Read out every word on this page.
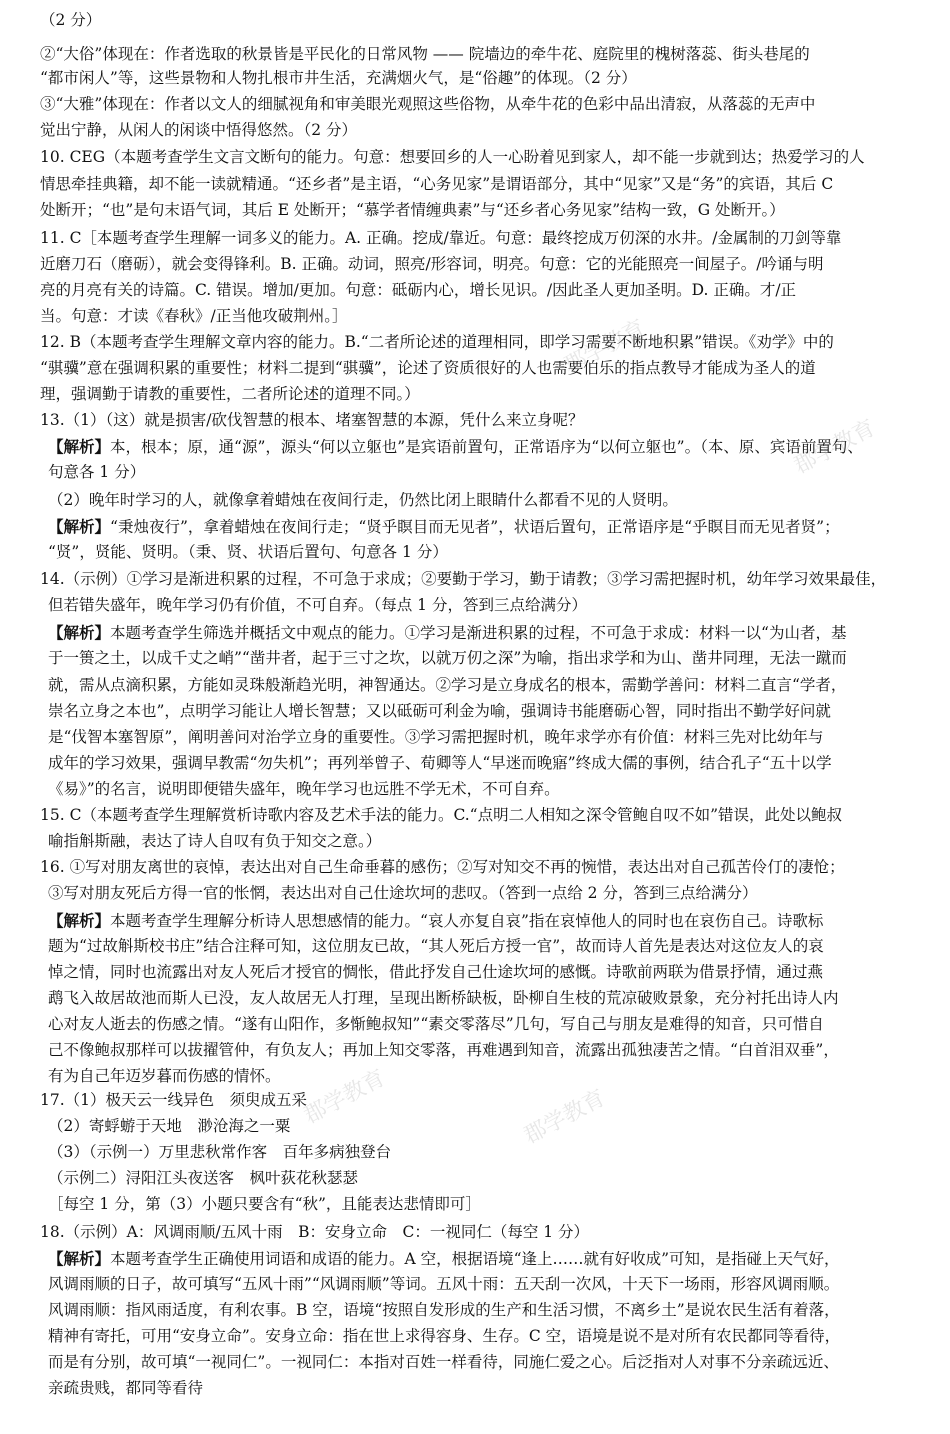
（2 分）
②“大俗”体现在：作者选取的秋景皆是平民化的日常风物 —— 院墙边的牵牛花、庭院里的槐树落蕊、街头巷尾的
“都市闲人”等，这些景物和人物扎根市井生活，充满烟火气，是“俗趣”的体现。（2 分）
③“大雅”体现在：作者以文人的细腻视角和审美眼光观照这些俗物，从牵牛花的色彩中品出清寂，从落蕊的无声中
觉出宁静，从闲人的闲谈中悟得悠然。（2 分）
10. CEG（本题考查学生文言文断句的能力。句意：想要回乡的人一心盼着见到家人，却不能一步就到达；热爱学习的人
情思牵挂典籍，却不能一读就精通。“还乡者”是主语，“心务见家”是谓语部分，其中“见家”又是“务”的宾语，其后 C
处断开；“也”是句末语气词，其后 E 处断开；“慕学者情缠典素”与“还乡者心务见家”结构一致，G 处断开。）
11. C［本题考查学生理解一词多义的能力。A. 正确。挖成/靠近。句意：最终挖成万仞深的水井。/金属制的刀剑等靠
近磨刀石（磨砺），就会变得锋利。B. 正确。动词，照亮/形容词，明亮。句意：它的光能照亮一间屋子。/吟诵与明
亮的月亮有关的诗篇。C. 错误。增加/更加。句意：砥砺内心，增长见识。/因此圣人更加圣明。D. 正确。才/正
当。句意：才读《春秋》/正当他攻破荆州。］
12. B（本题考查学生理解文章内容的能力。B.“二者所论述的道理相同，即学习需要不断地积累”错误。《劝学》中的
“骐骥”意在强调积累的重要性；材料二提到“骐骥”，论述了资质很好的人也需要伯乐的指点教导才能成为圣人的道
理，强调勤于请教的重要性，二者所论述的道理不同。）
13.（1）（这）就是损害/砍伐智慧的根本、堵塞智慧的本源，凭什么来立身呢？
【解析】本，根本；原，通“源”，源头“何以立躯也”是宾语前置句，正常语序为“以何立躯也”。（本、原、宾语前置句、
句意各 1 分）
（2）晚年时学习的人，就像拿着蜡烛在夜间行走，仍然比闭上眼睛什么都看不见的人贤明。
【解析】“秉烛夜行”，拿着蜡烛在夜间行走；“贤乎瞑目而无见者”，状语后置句，正常语序是“乎瞑目而无见者贤”；
“贤”，贤能、贤明。（秉、贤、状语后置句、句意各 1 分）
14.（示例）①学习是渐进积累的过程，不可急于求成；②要勤于学习，勤于请教；③学习需把握时机，幼年学习效果最佳，
但若错失盛年，晚年学习仍有价值，不可自弃。（每点 1 分，答到三点给满分）
【解析】本题考查学生筛选并概括文中观点的能力。①学习是渐进积累的过程，不可急于求成：材料一以“为山者，基
于一篑之土，以成千丈之峭”“凿井者，起于三寸之坎，以就万仞之深”为喻，指出求学和为山、凿井同理，无法一蹴而
就，需从点滴积累，方能如灵珠般渐趋光明，神智通达。②学习是立身成名的根本，需勤学善问：材料二直言“学者，
崇名立身之本也”，点明学习能让人增长智慧；又以砥砺可利金为喻，强调诗书能磨砺心智，同时指出不勤学好问就
是“伐智本塞智原”，阐明善问对治学立身的重要性。③学习需把握时机，晚年求学亦有价值：材料三先对比幼年与
成年的学习效果，强调早教需“勿失机”；再列举曾子、荀卿等人“早迷而晚寤”终成大儒的事例，结合孔子“五十以学
《易》”的名言，说明即便错失盛年，晚年学习也远胜不学无术，不可自弃。
15. C（本题考查学生理解赏析诗歌内容及艺术手法的能力。C.“点明二人相知之深令管鲍自叹不如”错误，此处以鲍叔
喻指斛斯融，表达了诗人自叹有负于知交之意。）
16. ①写对朋友离世的哀悼，表达出对自己生命垂暮的感伤；②写对知交不再的惋惜，表达出对自己孤苦伶仃的凄怆；
③写对朋友死后方得一官的怅惘，表达出对自己仕途坎坷的悲叹。（答到一点给 2 分，答到三点给满分）
【解析】本题考查学生理解分析诗人思想感情的能力。“哀人亦复自哀”指在哀悼他人的同时也在哀伤自己。诗歌标
题为“过故斛斯校书庄”结合注释可知，这位朋友已故，“其人死后方授一官”，故而诗人首先是表达对这位友人的哀
悼之情，同时也流露出对友人死后才授官的惆怅，借此抒发自己仕途坎坷的感慨。诗歌前两联为借景抒情，通过燕
鹉飞入故居故池而斯人已没，友人故居无人打理，呈现出断桥缺板，卧柳自生枝的荒凉破败景象，充分衬托出诗人内
心对友人逝去的伤感之情。“遂有山阳作，多惭鲍叔知”“素交零落尽”几句，写自己与朋友是难得的知音，只可惜自
己不像鲍叔那样可以拔擢管仲，有负友人；再加上知交零落，再难遇到知音，流露出孤独凄苦之情。“白首泪双垂”，
有为自己年迈岁暮而伤感的情怀。
17.（1）极天云一线异色　须臾成五采
（2）寄蜉蝣于天地　渺沧海之一粟
（3）（示例一）万里悲秋常作客　百年多病独登台
（示例二）浔阳江头夜送客　枫叶荻花秋瑟瑟
［每空 1 分，第（3）小题只要含有“秋”，且能表达悲情即可］
18.（示例）A：风调雨顺/五风十雨　B：安身立命　C：一视同仁（每空 1 分）
【解析】本题考查学生正确使用词语和成语的能力。A 空，根据语境“逢上……就有好收成”可知，是指碰上天气好，
风调雨顺的日子，故可填写“五风十雨”“风调雨顺”等词。五风十雨：五天刮一次风，十天下一场雨，形容风调雨顺。
风调雨顺：指风雨适度，有利农事。B 空，语境“按照自发形成的生产和生活习惯，不离乡土”是说农民生活有着落，
精神有寄托，可用“安身立命”。安身立命：指在世上求得容身、生存。C 空，语境是说不是对所有农民都同等看待，
而是有分别，故可填“一视同仁”。一视同仁：本指对百姓一样看待，同施仁爱之心。后泛指对人对事不分亲疏远近、
亲疏贵贱，都同等看待
郡学教育
郡学教育
郡学教育	郡学教育
